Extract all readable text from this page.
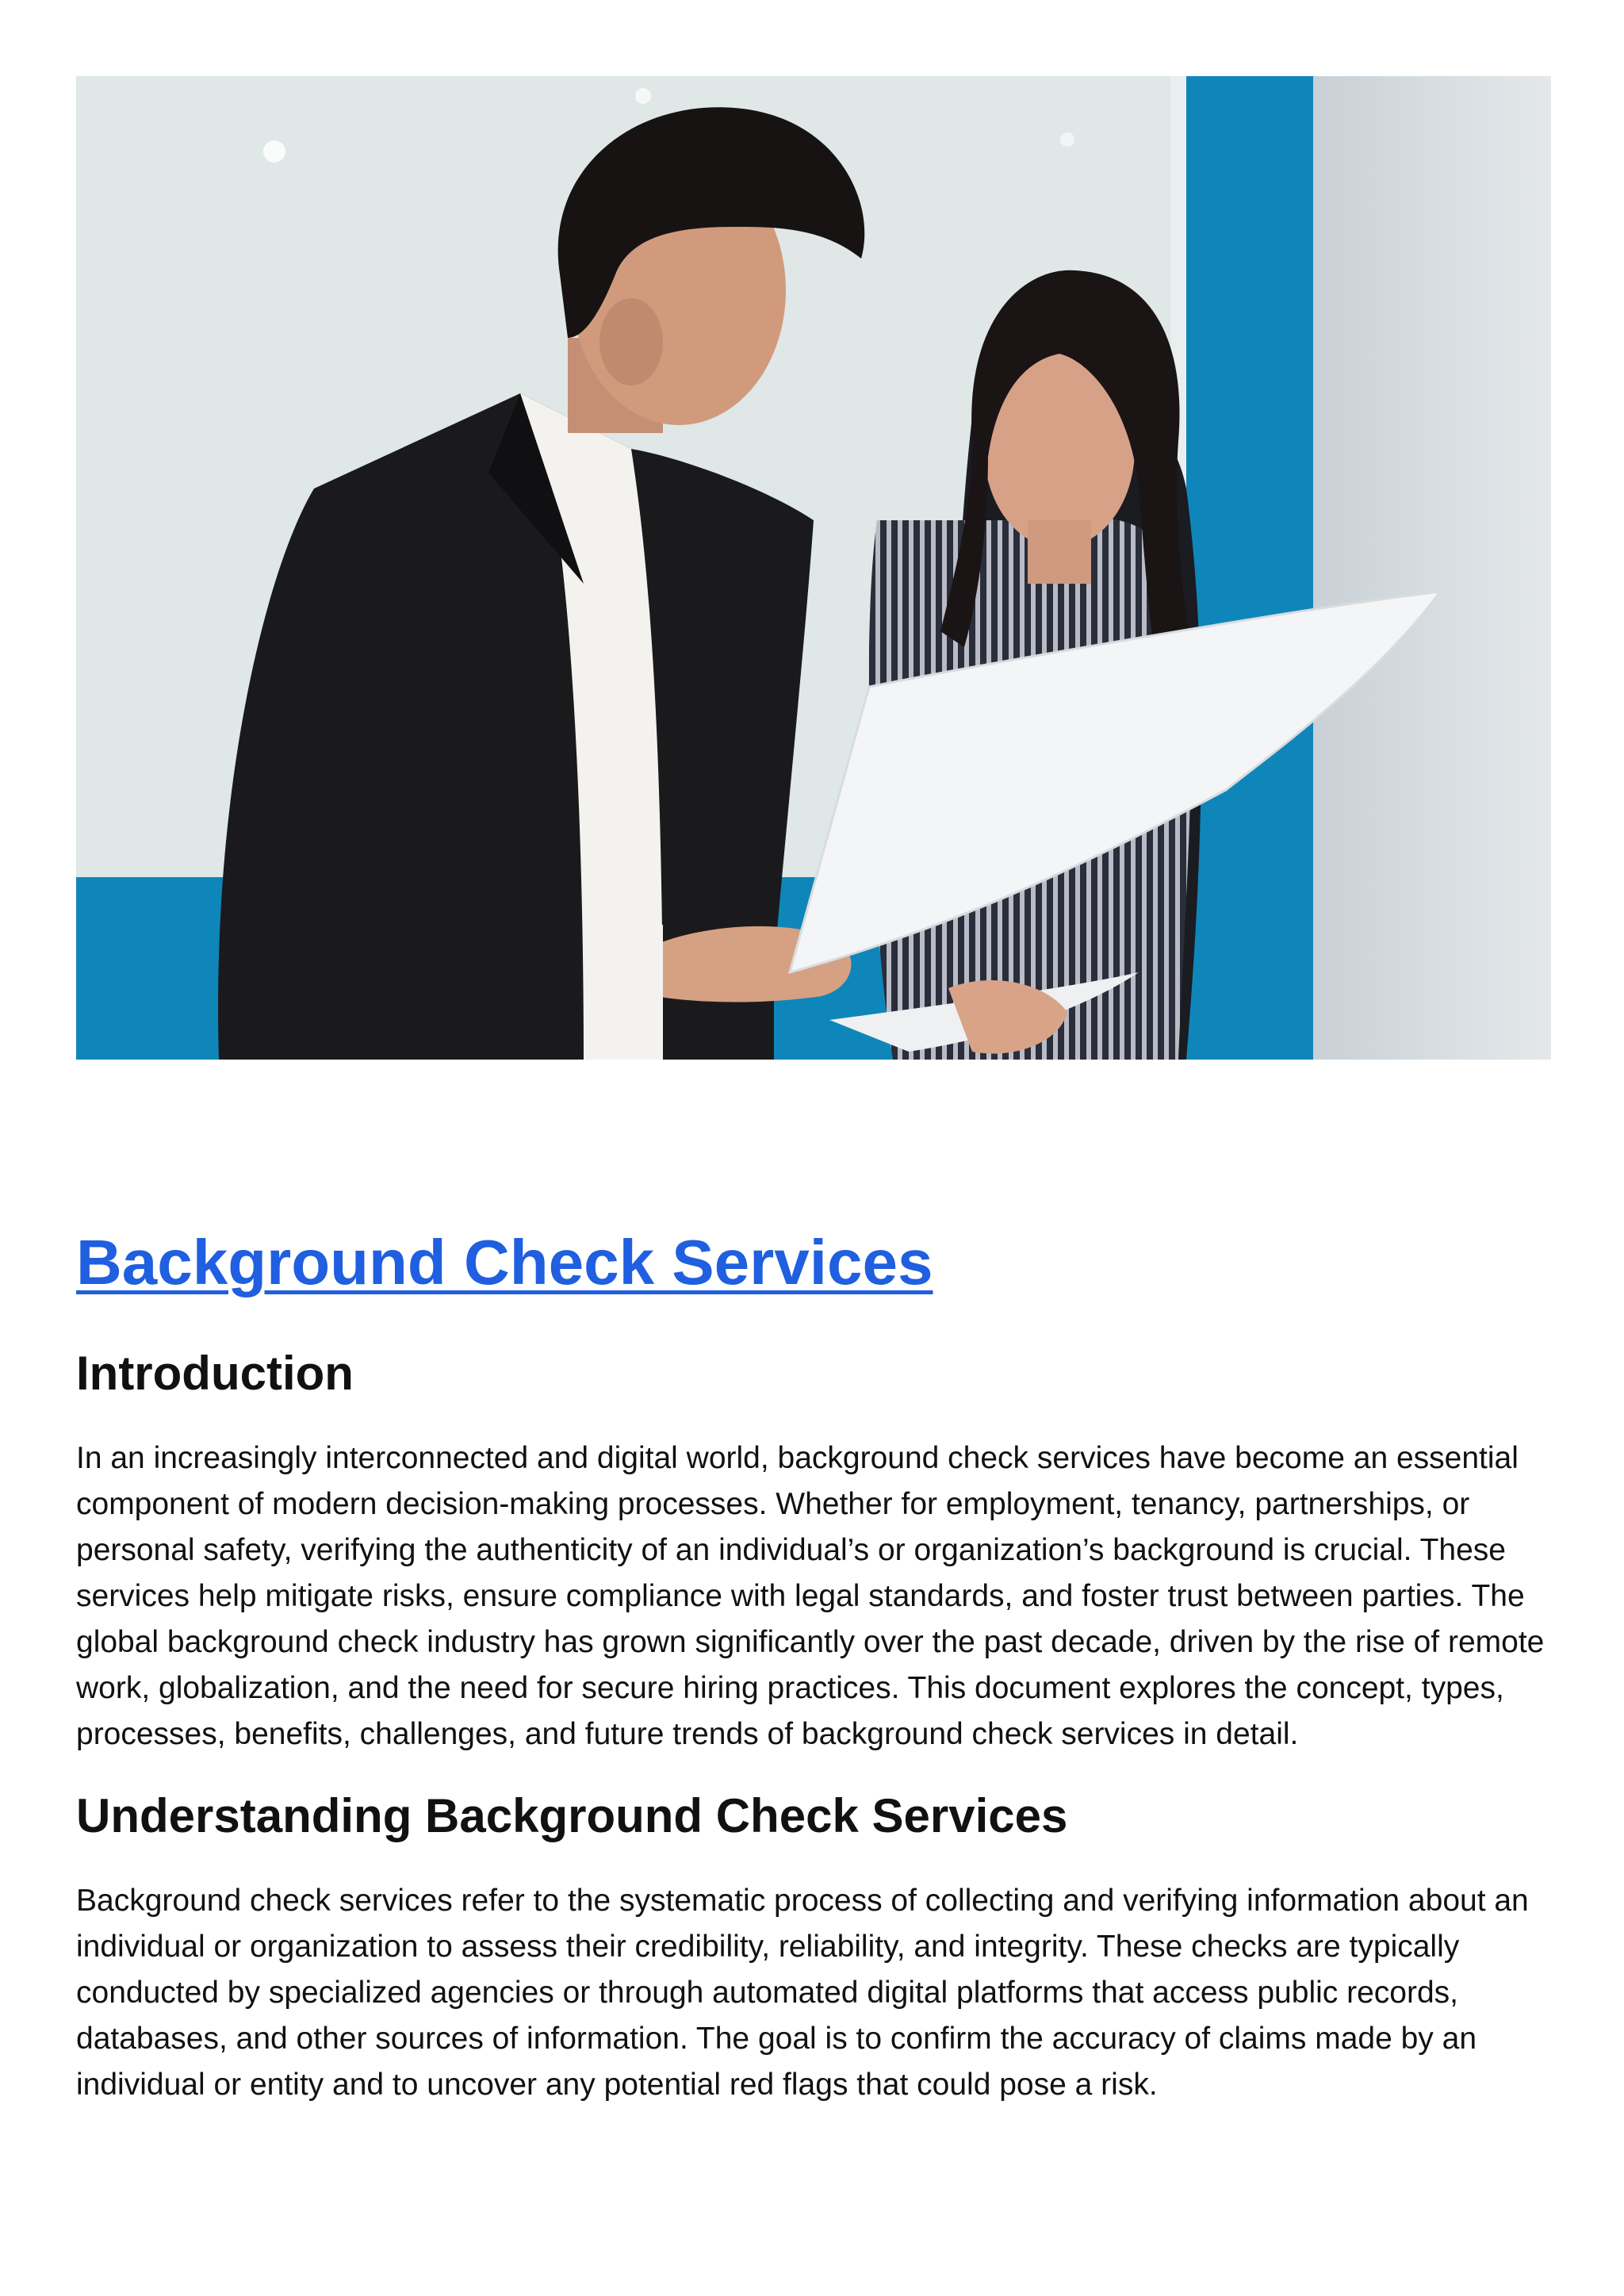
Background Check Services
Introduction

In an increasingly interconnected and digital world, background check services have become an essential component of modern decision-making processes. Whether for employment, tenancy, partnerships, or personal safety, verifying the authenticity of an individual’s or organization’s background is crucial. These services help mitigate risks, ensure compliance with legal standards, and foster trust between parties. The global background check industry has grown significantly over the past decade, driven by the rise of remote work, globalization, and the need for secure hiring practices. This document explores the concept, types, processes, benefits, challenges, and future trends of background check services in detail.

Understanding Background Check Services

Background check services refer to the systematic process of collecting and verifying information about an individual or organization to assess their credibility, reliability, and integrity. These checks are typically conducted by specialized agencies or through automated digital platforms that access public records, databases, and other sources of information. The goal is to confirm the accuracy of claims made by an individual or entity and to uncover any potential red flags that could pose a risk.
